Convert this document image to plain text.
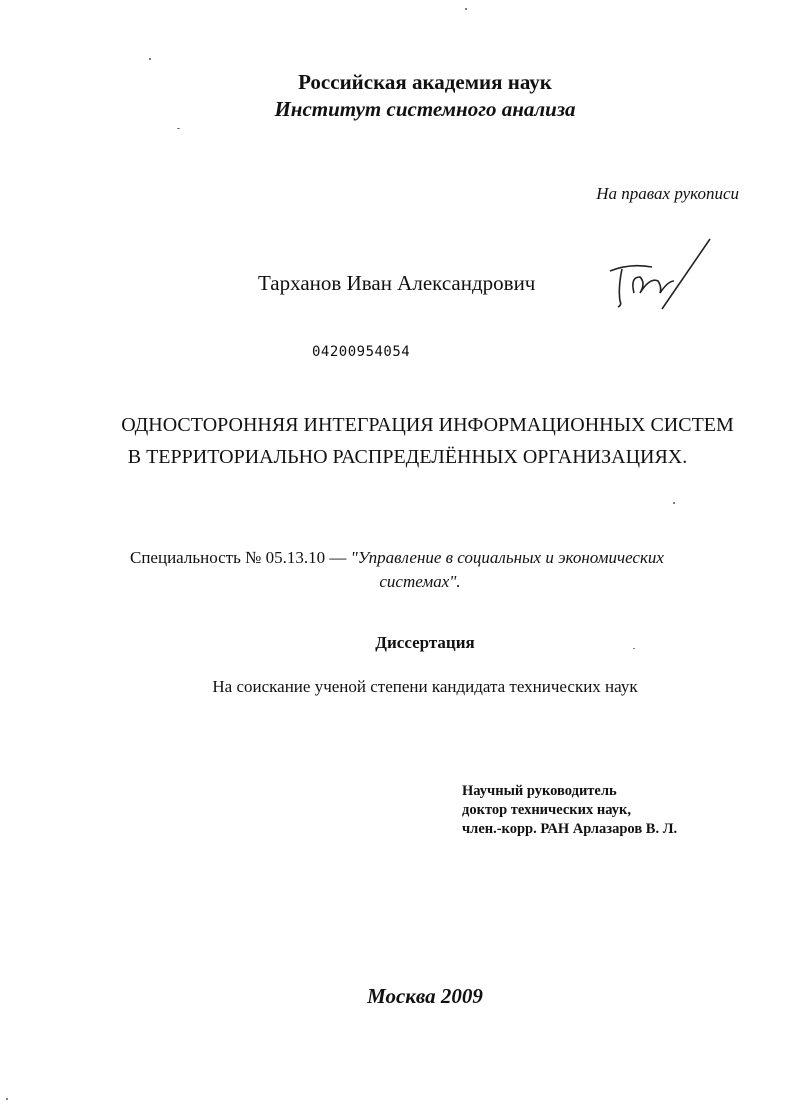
Российская академия наук
Институт системного анализа
На правах рукописи
Тарханов Иван Александрович
04200954054
ОДНОСТОРОННЯЯ ИНТЕГРАЦИЯ ИНФОРМАЦИОННЫХ СИСТЕМ
В ТЕРРИТОРИАЛЬНО РАСПРЕДЕЛЁННЫХ ОРГАНИЗАЦИЯХ.
Специальность № 05.13.10 — "Управление в социальных и экономических
системах".
Диссертация
На соискание ученой степени кандидата технических наук
Научный руководитель
доктор технических наук,
член.-корр. РАН Арлазаров В. Л.
Москва 2009
